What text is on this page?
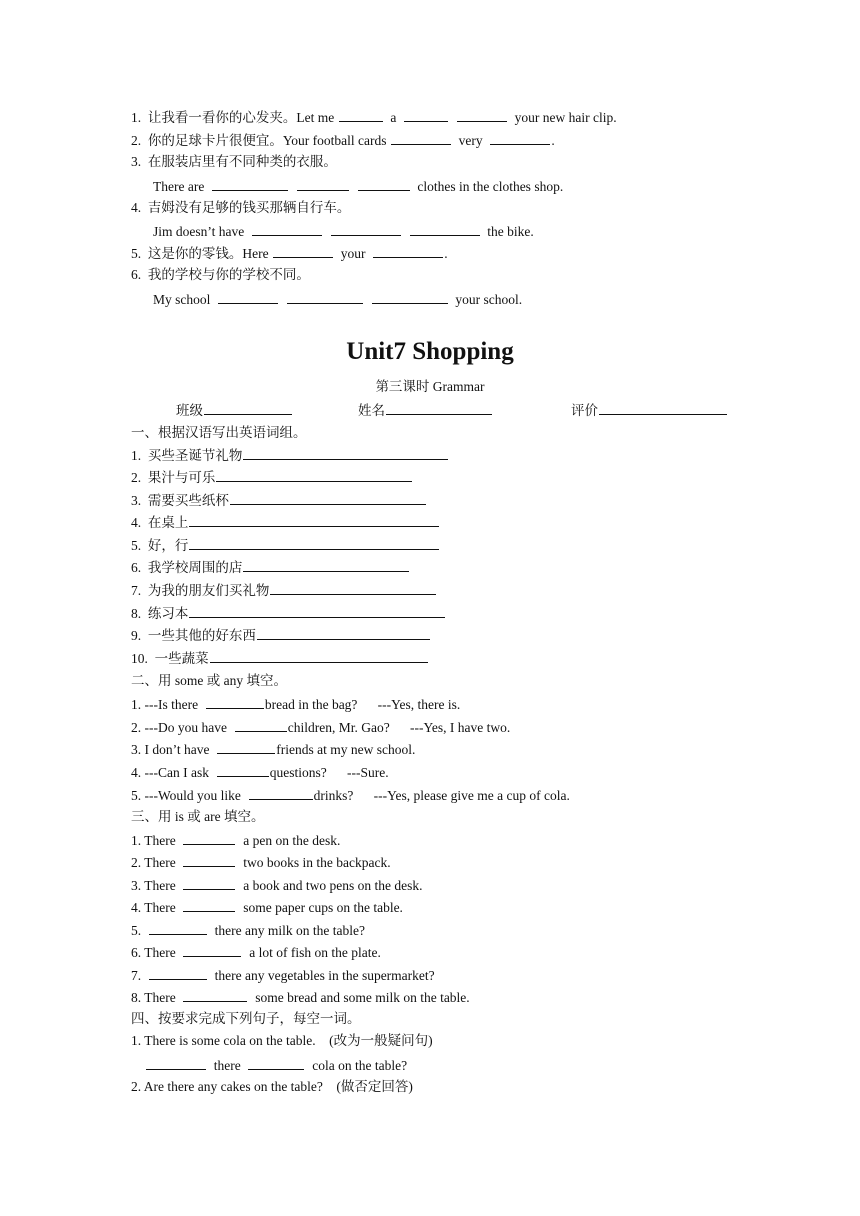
1.  让我看一看你的心发夹。Let me	a	your new hair clip.
2.  你的足球卡片很便宜。Your football cards	very	.
3.  在服装店里有不同种类的衣服。
There are	clothes in the clothes shop.
4.  吉姆没有足够的钱买那辆自行车。
Jim doesn’t have	the bike.
5.  这是你的零钱。Here	your	.
6.  我的学校与你的学校不同。
My school	your school.
Unit7 Shopping
第三课时 Grammar
班级	姓名	评价
一、根据汉语写出英语词组。
1.  买些圣诞节礼物
2.  果汁与可乐
3.  需要买些纸杯
4.  在桌上
5.  好，行
6.  我学校周围的店
7.  为我的朋友们买礼物
8.  练习本
9.  一些其他的好东西
10.  一些蔬菜
二、用 some 或 any 填空。
1. ---Is there	bread in the bag?      ---Yes, there is.
2. ---Do you have	children, Mr. Gao?      ---Yes, I have two.
3. I don’t have	friends at my new school.
4. ---Can I ask	questions?      ---Sure.
5. ---Would you like	drinks?      ---Yes, please give me a cup of cola.
三、用 is 或 are 填空。
1. There	a pen on the desk.
2. There	two books in the backpack.
3. There	a book and two pens on the desk.
4. There	some paper cups on the table.
5.	there any milk on the table?
6. There	a lot of fish on the plate.
7.	there any vegetables in the supermarket?
8. There	some bread and some milk on the table.
四、按要求完成下列句子，每空一词。
1. There is some cola on the table.    (改为一般疑问句)
there	cola on the table?
2. Are there any cakes on the table?    (做否定回答)
